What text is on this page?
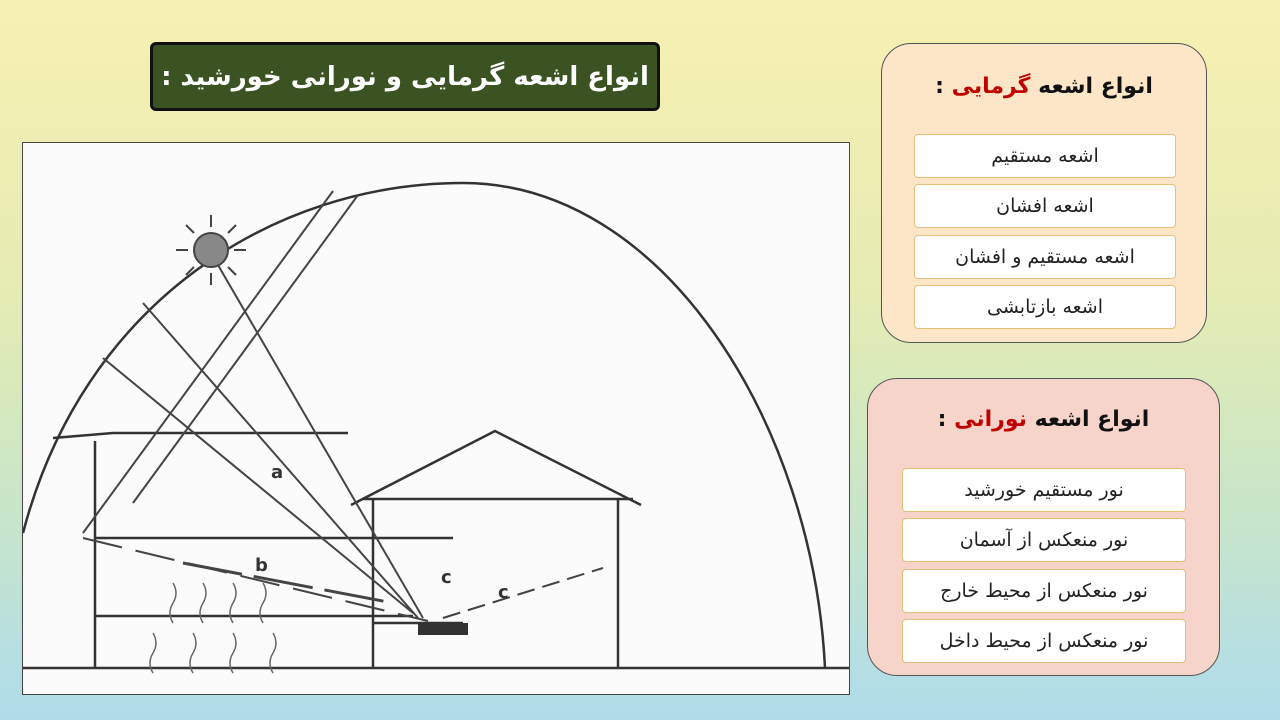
انواع اشعه گرمایی و نورانی خورشید :
a
b
c
c
انواع اشعه گرمایی :
اشعه مستقیم
اشعه افشان
اشعه مستقیم و افشان
اشعه بازتابشی
انواع اشعه نورانی :
نور مستقیم خورشید
نور منعکس از آسمان
نور منعکس از محیط خارج
نور منعکس از محیط داخل
